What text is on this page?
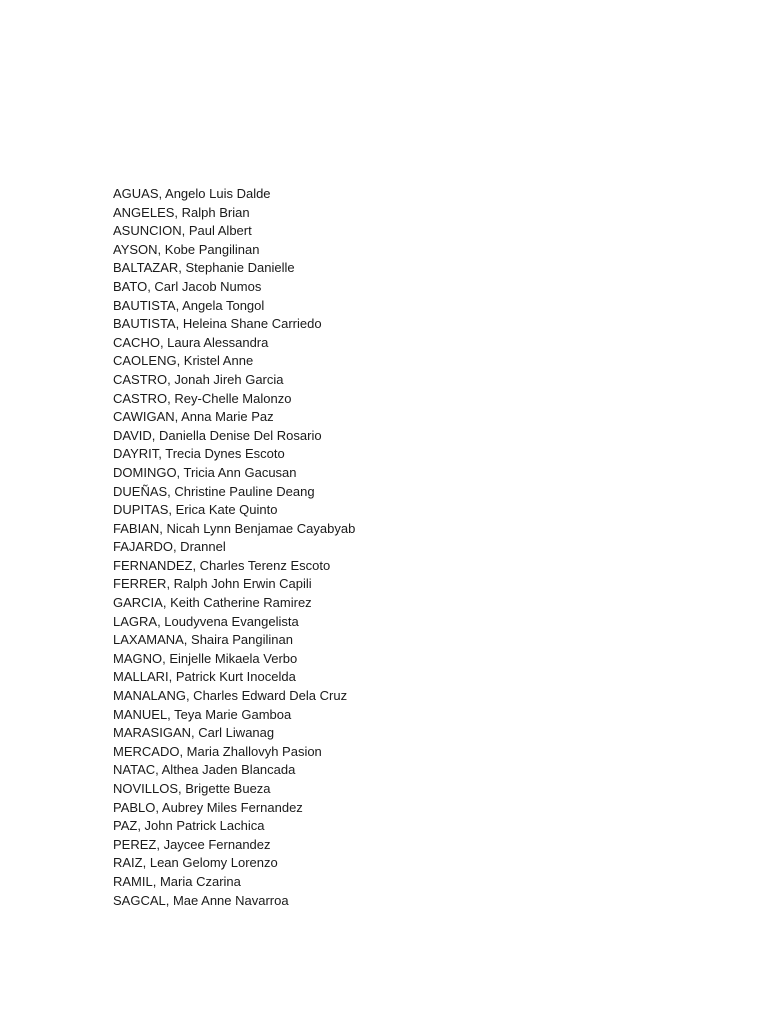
AGUAS, Angelo Luis Dalde
ANGELES, Ralph Brian
ASUNCION, Paul Albert
AYSON, Kobe Pangilinan
BALTAZAR, Stephanie Danielle
BATO, Carl Jacob Numos
BAUTISTA, Angela Tongol
BAUTISTA, Heleina Shane Carriedo
CACHO, Laura Alessandra
CAOLENG, Kristel Anne
CASTRO, Jonah Jireh Garcia
CASTRO, Rey-Chelle Malonzo
CAWIGAN, Anna Marie Paz
DAVID, Daniella Denise Del Rosario
DAYRIT, Trecia Dynes Escoto
DOMINGO, Tricia Ann Gacusan
DUEÑAS, Christine Pauline Deang
DUPITAS, Erica Kate Quinto
FABIAN, Nicah Lynn Benjamae Cayabyab
FAJARDO, Drannel
FERNANDEZ, Charles Terenz Escoto
FERRER, Ralph John Erwin Capili
GARCIA, Keith Catherine Ramirez
LAGRA, Loudyvena Evangelista
LAXAMANA, Shaira Pangilinan
MAGNO, Einjelle Mikaela Verbo
MALLARI, Patrick Kurt Inocelda
MANALANG, Charles Edward Dela Cruz
MANUEL, Teya Marie Gamboa
MARASIGAN, Carl Liwanag
MERCADO, Maria Zhallovyh Pasion
NATAC, Althea Jaden Blancada
NOVILLOS, Brigette Bueza
PABLO, Aubrey Miles Fernandez
PAZ, John Patrick Lachica
PEREZ, Jaycee Fernandez
RAIZ, Lean Gelomy Lorenzo
RAMIL, Maria Czarina
SAGCAL, Mae Anne Navarroa
